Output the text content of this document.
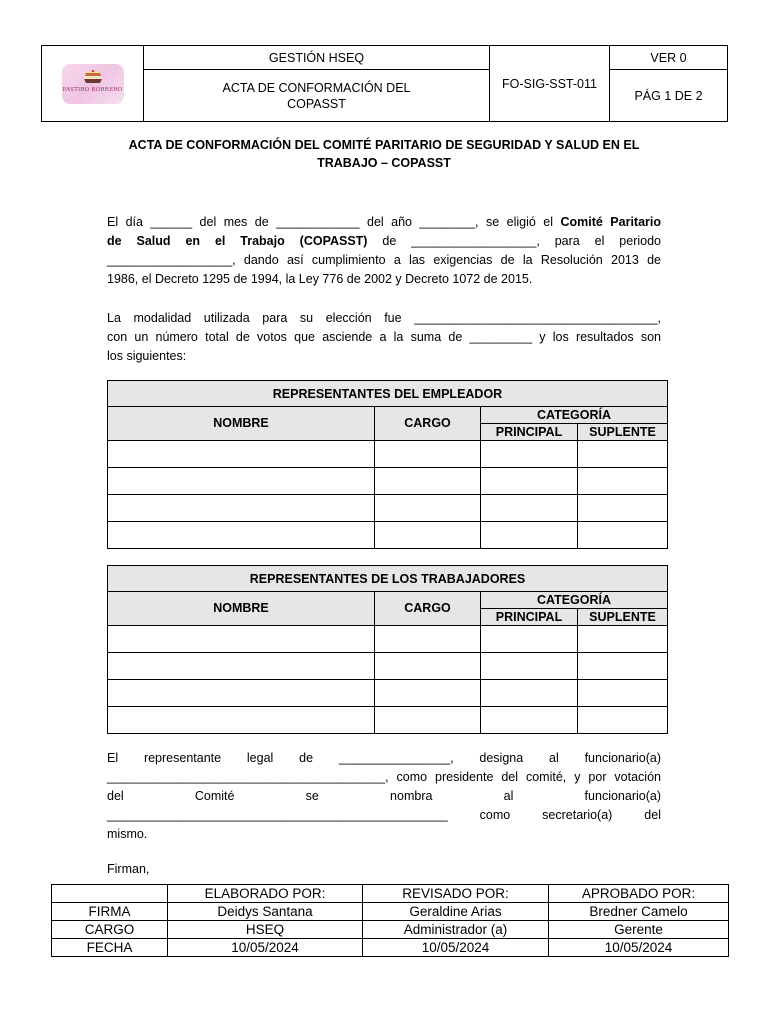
PASTIRO BORRERO	GESTIÓN HSEQ	FO-SIG-SST-011	VER 0

	ACTA DE CONFORMACIÓN DEL COPASST		PÁG 1 DE 2
ACTA DE CONFORMACIÓN DEL COMITÉ PARITARIO DE SEGURIDAD Y SALUD EN EL TRABAJO – COPASST
El día ______ del mes de ____________ del año ________, se eligió el Comité Paritario
de Salud en el Trabajo (COPASST) de __________________, para el periodo
__________________, dando así cumplimiento a las exigencias de la Resolución 2013 de
1986, el Decreto 1295 de 1994, la Ley 776 de 2002 y Decreto 1072 de 2015.
La modalidad utilizada para su elección fue ___________________________________,
con un número total de votos que asciende a la suma de _________ y los resultados son
los siguientes:
REPRESENTANTES DEL EMPLEADOR			
NOMBRE	CARGO	CATEGORÍA	
		PRINCIPAL	SUPLENTE

REPRESENTANTES DE LOS TRABAJADORES			
NOMBRE	CARGO	CATEGORÍA	
		PRINCIPAL	SUPLENTE

El representante legal de ________________, designa al funcionario(a)
________________________________________, como presidente del comité, y por votación
del Comité se nombra al funcionario(a)
_________________________________________________ como secretario(a) del
mismo.
Firman,
	ELABORADO POR:	REVISADO POR:	APROBADO POR:
FIRMA	Deidys Santana	Geraldine Arias	Bredner Camelo
CARGO	HSEQ	Administrador (a)	Gerente
FECHA	10/05/2024	10/05/2024	10/05/2024
